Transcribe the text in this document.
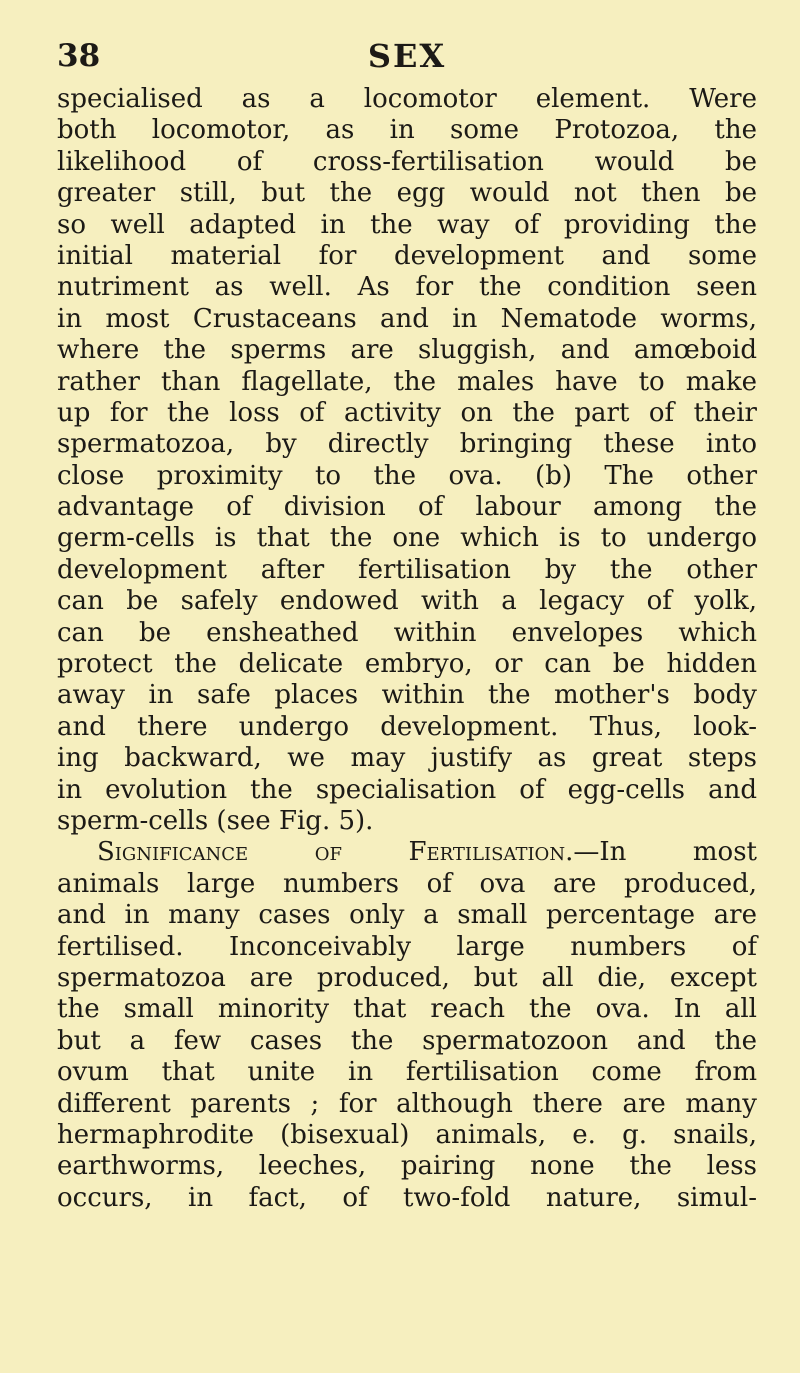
38	SEX
specialised as a locomotor element. Were
both locomotor, as in some Protozoa, the
likelihood of cross-fertilisation would be
greater still, but the egg would not then be
so well adapted in the way of providing the
initial material for development and some
nutriment as well. As for the condition seen
in most Crustaceans and in Nematode worms,
where the sperms are sluggish, and amœboid
rather than flagellate, the males have to make
up for the loss of activity on the part of their
spermatozoa, by directly bringing these into
close proximity to the ova. (b) The other
advantage of division of labour among the
germ-cells is that the one which is to undergo
development after fertilisation by the other
can be safely endowed with a legacy of yolk,
can be ensheathed within envelopes which
protect the delicate embryo, or can be hidden
away in safe places within the mother's body
and there undergo development. Thus, look-
ing backward, we may justify as great steps
in evolution the specialisation of egg-cells and
sperm-cells (see Fig. 5).
Significance of Fertilisation.—In most
animals large numbers of ova are produced,
and in many cases only a small percentage are
fertilised. Inconceivably large numbers of
spermatozoa are produced, but all die, except
the small minority that reach the ova. In all
but a few cases the spermatozoon and the
ovum that unite in fertilisation come from
different parents ; for although there are many
hermaphrodite (bisexual) animals, e. g. snails,
earthworms, leeches, pairing none the less
occurs, in fact, of two-fold nature, simul-
